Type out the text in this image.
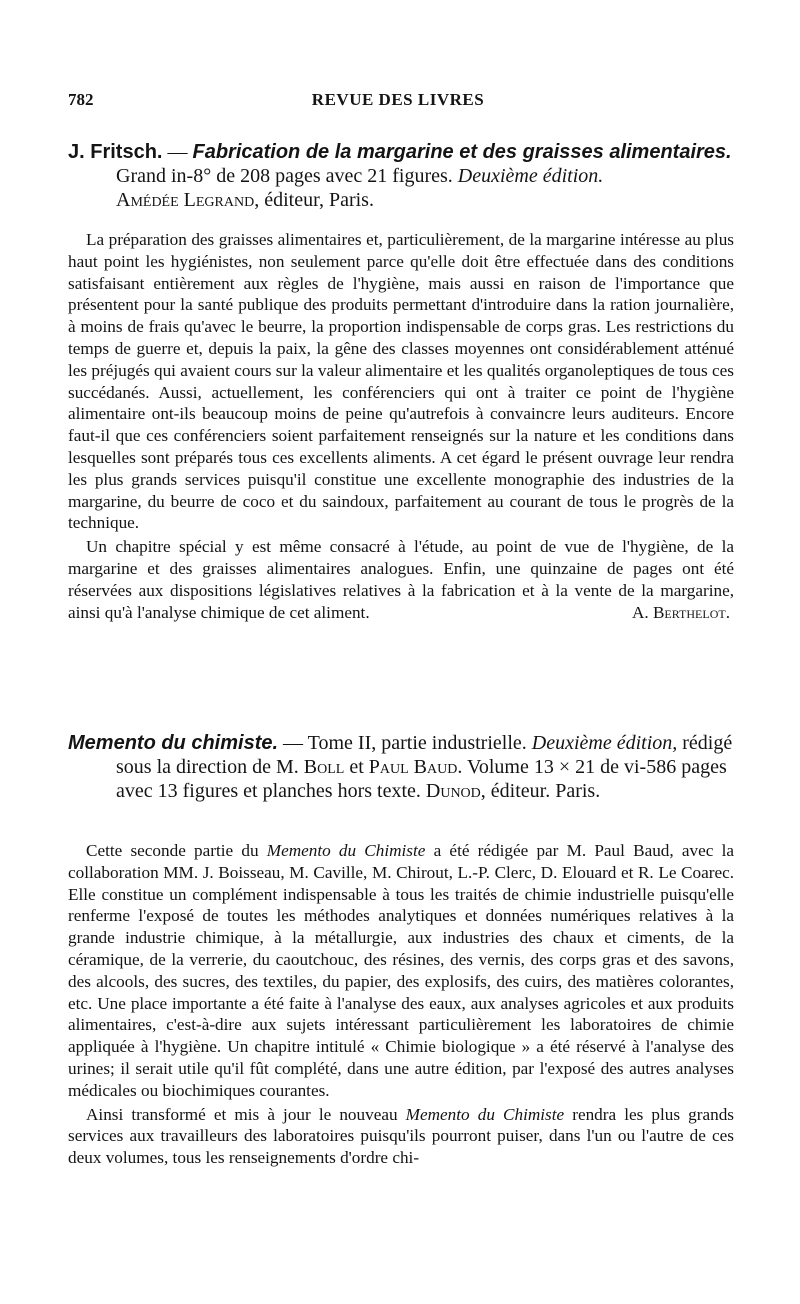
782	REVUE DES LIVRES
J. Fritsch. — Fabrication de la margarine et des graisses alimentaires. Grand in-8° de 208 pages avec 21 figures. Deuxième édition.
Amédée Legrand, éditeur, Paris.

La préparation des graisses alimentaires et, particulièrement, de la margarine intéresse au plus haut point les hygiénistes, non seulement parce qu'elle doit être effectuée dans des conditions satisfaisant entièrement aux règles de l'hygiène, mais aussi en raison de l'importance que présentent pour la santé publique des produits permettant d'introduire dans la ration journalière, à moins de frais qu'avec le beurre, la proportion indispensable de corps gras. Les restrictions du temps de guerre et, depuis la paix, la gêne des classes moyennes ont considérablement atténué les préjugés qui avaient cours sur la valeur alimentaire et les qualités organoleptiques de tous ces succédanés. Aussi, actuellement, les conférenciers qui ont à traiter ce point de l'hygiène alimentaire ont-ils beaucoup moins de peine qu'autrefois à convaincre leurs auditeurs. Encore faut-il que ces conférenciers soient parfaitement renseignés sur la nature et les conditions dans lesquelles sont préparés tous ces excellents aliments. A cet égard le présent ouvrage leur rendra les plus grands services puisqu'il constitue une excellente monographie des industries de la margarine, du beurre de coco et du saindoux, parfaitement au courant de tous le progrès de la technique.

Un chapitre spécial y est même consacré à l'étude, au point de vue de l'hygiène, de la margarine et des graisses alimentaires analogues. Enfin, une quinzaine de pages ont été réservées aux dispositions législatives relatives à la fabrication et à la vente de la margarine, ainsi qu'à l'analyse chimique de cet aliment.	A. Berthelot.

Memento du chimiste. — Tome II, partie industrielle. Deuxième édition, rédigé sous la direction de M. Boll et Paul Baud. Volume 13 × 21 de vi-586 pages avec 13 figures et planches hors texte. Dunod, éditeur. Paris.

Cette seconde partie du Memento du Chimiste a été rédigée par M. Paul Baud, avec la collaboration MM. J. Boisseau, M. Caville, M. Chirout, L.-P. Clerc, D. Elouard et R. Le Coarec. Elle constitue un complément indispensable à tous les traités de chimie industrielle puisqu'elle renferme l'exposé de toutes les méthodes analytiques et données numériques relatives à la grande industrie chimique, à la métallurgie, aux industries des chaux et ciments, de la céramique, de la verrerie, du caoutchouc, des résines, des vernis, des corps gras et des savons, des alcools, des sucres, des textiles, du papier, des explosifs, des cuirs, des matières colorantes, etc. Une place importante a été faite à l'analyse des eaux, aux analyses agricoles et aux produits alimentaires, c'est-à-dire aux sujets intéressant particulièrement les laboratoires de chimie appliquée à l'hygiène. Un chapitre intitulé « Chimie biologique » a été réservé à l'analyse des urines; il serait utile qu'il fût complété, dans une autre édition, par l'exposé des autres analyses médicales ou biochimiques courantes.

Ainsi transformé et mis à jour le nouveau Memento du Chimiste rendra les plus grands services aux travailleurs des laboratoires puisqu'ils pourront puiser, dans l'un ou l'autre de ces deux volumes, tous les renseignements d'ordre chi-
